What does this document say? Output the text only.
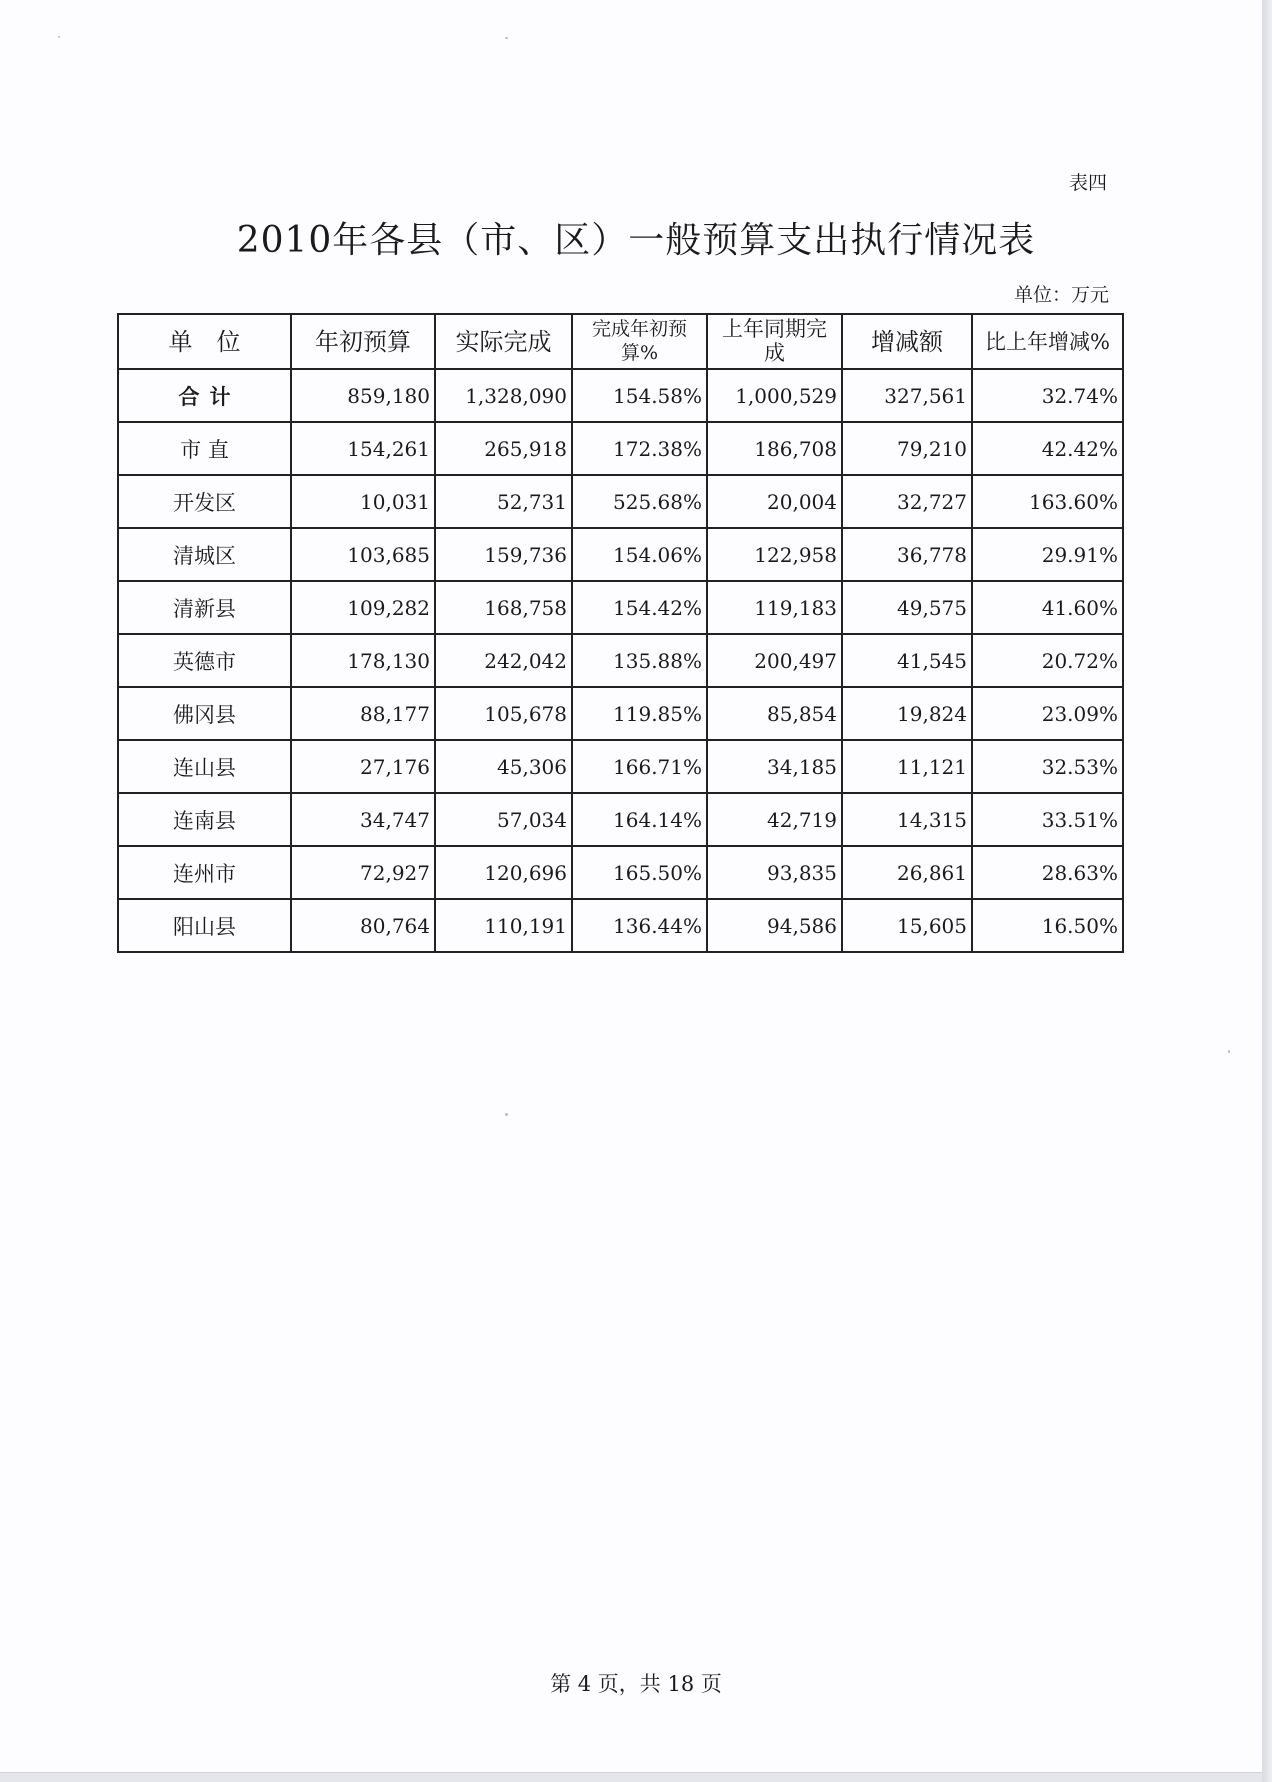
表四
2010年各县（市、区）一般预算支出执行情况表
单位：万元
单　位	年初预算	实际完成	完成年初预算%	上年同期完成	增减额	比上年增减%
合计	859,180	1,328,090	154.58%	1,000,529	327,561	32.74%
市 直	154,261	265,918	172.38%	186,708	79,210	42.42%
开发区	10,031	52,731	525.68%	20,004	32,727	163.60%
清城区	103,685	159,736	154.06%	122,958	36,778	29.91%
清新县	109,282	168,758	154.42%	119,183	49,575	41.60%
英德市	178,130	242,042	135.88%	200,497	41,545	20.72%
佛冈县	88,177	105,678	119.85%	85,854	19,824	23.09%
连山县	27,176	45,306	166.71%	34,185	11,121	32.53%
连南县	34,747	57,034	164.14%	42,719	14,315	33.51%
连州市	72,927	120,696	165.50%	93,835	26,861	28.63%
阳山县	80,764	110,191	136.44%	94,586	15,605	16.50%
第 4 页，共 18 页
